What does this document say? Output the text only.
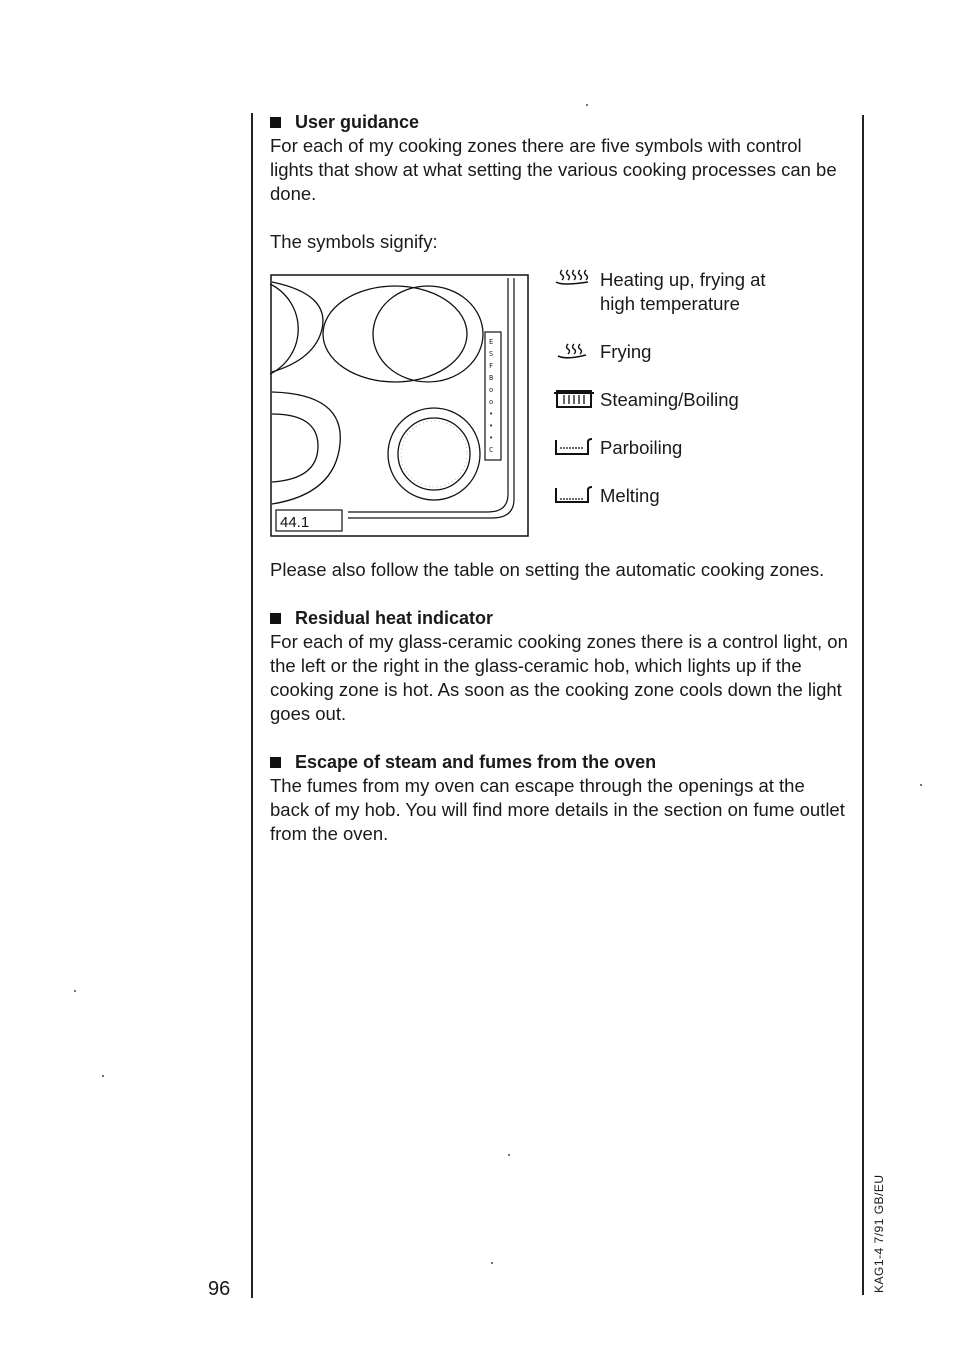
User guidance

For each of my cooking zones there are five symbols with control lights that show at what setting the various cooking processes can be done.

The symbols signify:

E
S
F
B
o
o
•
•
•
C
44.1
Heating up, frying at
high temperature
Frying
Steaming/Boiling
Parboiling
Melting

Please also follow the table on setting the automatic cooking zones.

Residual heat indicator

For each of my glass-ceramic cooking zones there is a control light, on the left or the right in the glass-ceramic hob, which lights up if the cooking zone is hot. As soon as the cooking zone cools down the light goes out.

Escape of steam and fumes from the oven

The fumes from my oven can escape through the openings at the back of my hob. You will find more details in the section on fume outlet from the oven.

96	KAG1-4 7/91 GB/EU
